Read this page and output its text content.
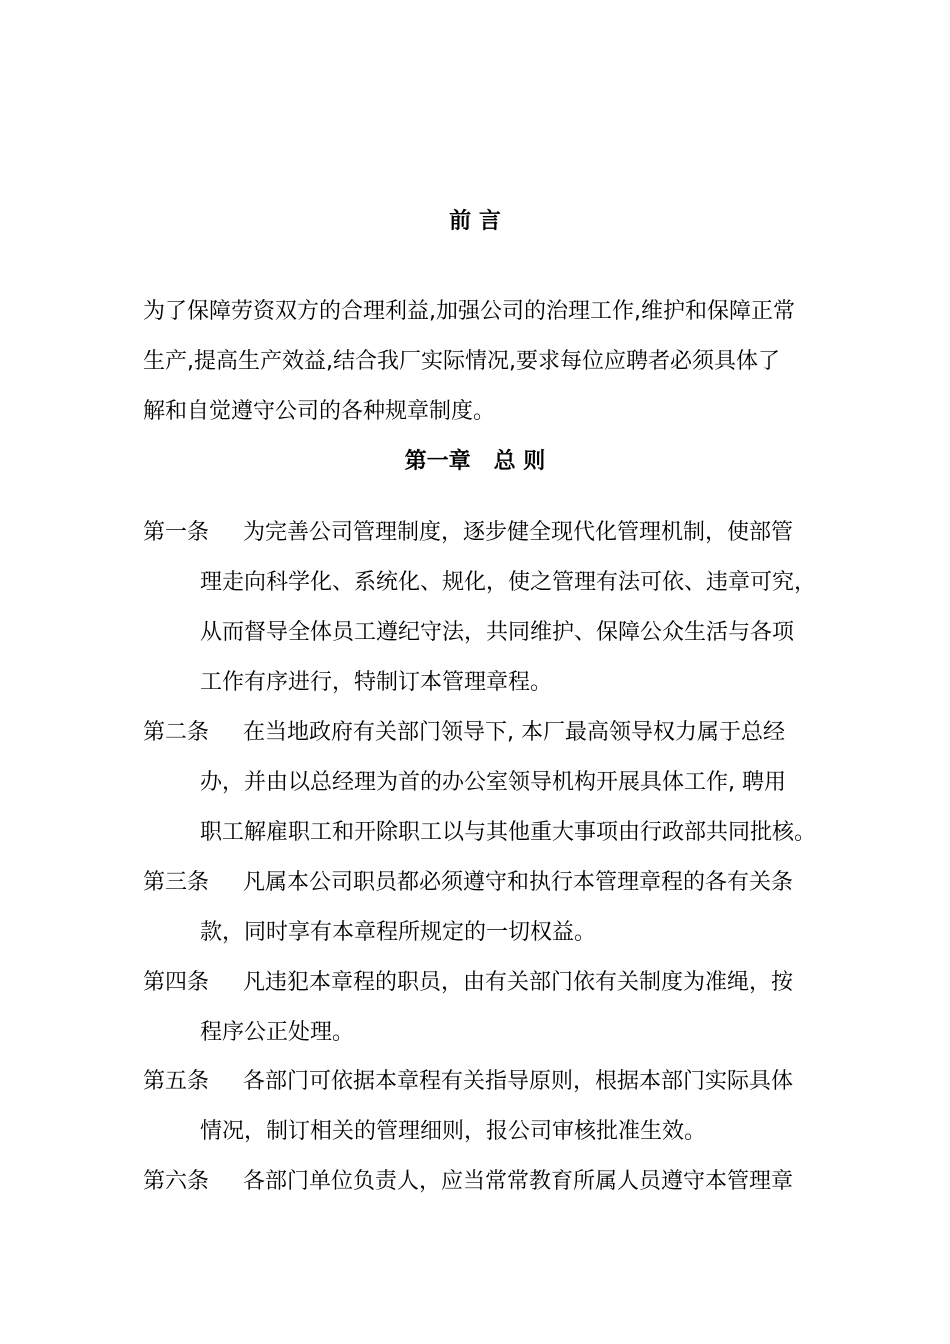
前 言
为了保障劳资双方的合理利益,加强公司的治理工作,维护和保障正常
生产,提高生产效益,结合我厂实际情况,要求每位应聘者必须具体了
解和自觉遵守公司的各种规章制度。
第一章   总 则
第一条 为完善公司管理制度，逐步健全现代化管理机制，使部管
理走向科学化、系统化、规化，使之管理有法可依、违章可究，
从而督导全体员工遵纪守法，共同维护、保障公众生活与各项
工作有序进行，特制订本管理章程。
第二条 在当地政府有关部门领导下, 本厂最高领导权力属于总经
办，并由以总经理为首的办公室领导机构开展具体工作, 聘用
职工解雇职工和开除职工以与其他重大事项由行政部共同批核。
第三条 凡属本公司职员都必须遵守和执行本管理章程的各有关条
款，同时享有本章程所规定的一切权益。
第四条 凡违犯本章程的职员，由有关部门依有关制度为准绳，按
程序公正处理。
第五条 各部门可依据本章程有关指导原则，根据本部门实际具体
情况，制订相关的管理细则，报公司审核批准生效。
第六条 各部门单位负责人，应当常常教育所属人员遵守本管理章
